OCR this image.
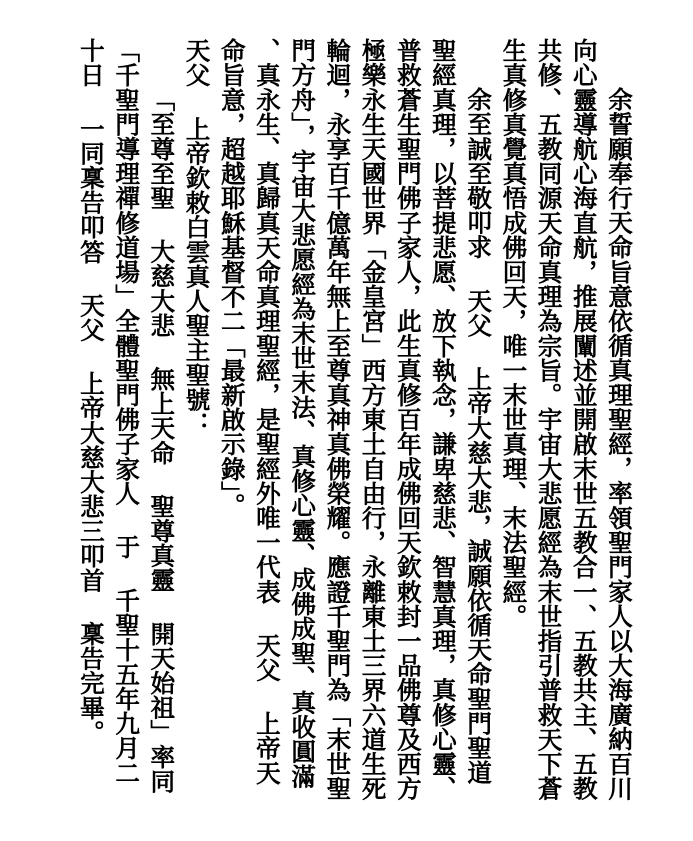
余誓願奉行天命旨意依循真理聖經，率領聖門家人以大海廣納百川向心靈導航心海直航，推展闡述並開啟末世五教合一、五教共主、五教共修、五教同源天命真理為宗旨。宇宙大悲愿經為末世指引普救天下蒼生真修真覺真悟成佛回天，唯一末世真理、末法聖經。

余至誠至敬叩求 天父 上帝大慈大悲，誠願依循天命聖門聖道聖經真理，以菩提悲愿、放下執念，謙卑慈悲、智慧真理，真修心靈、普救蒼生聖門佛子家人，此生真修百年成佛回天欽敕封一品佛尊及西方極樂永生天國世界「金皇宮」西方東土自由行，永離東土三界六道生死輪迴，永享百千億萬年無上至尊真神真佛榮耀。應證千聖門為「末世聖門方舟」，宇宙大悲愿經為末世末法、真修心靈、成佛成聖、真收圓滿、真永生、真歸真天命真理聖經，是聖經外唯一代表 天父 上帝天命旨意，超越耶穌基督不二「最新啟示錄」。

天父 上帝欽敕白雲真人聖主聖號：

「至尊至聖 大慈大悲 無上天命 聖尊真靈 開天始祖」率同「千聖門導理禪修道場」全體聖門佛子家人 于 千聖十五年九月二十日 一同稟告叩答 天父 上帝大慈大悲三叩首 稟告完畢。
